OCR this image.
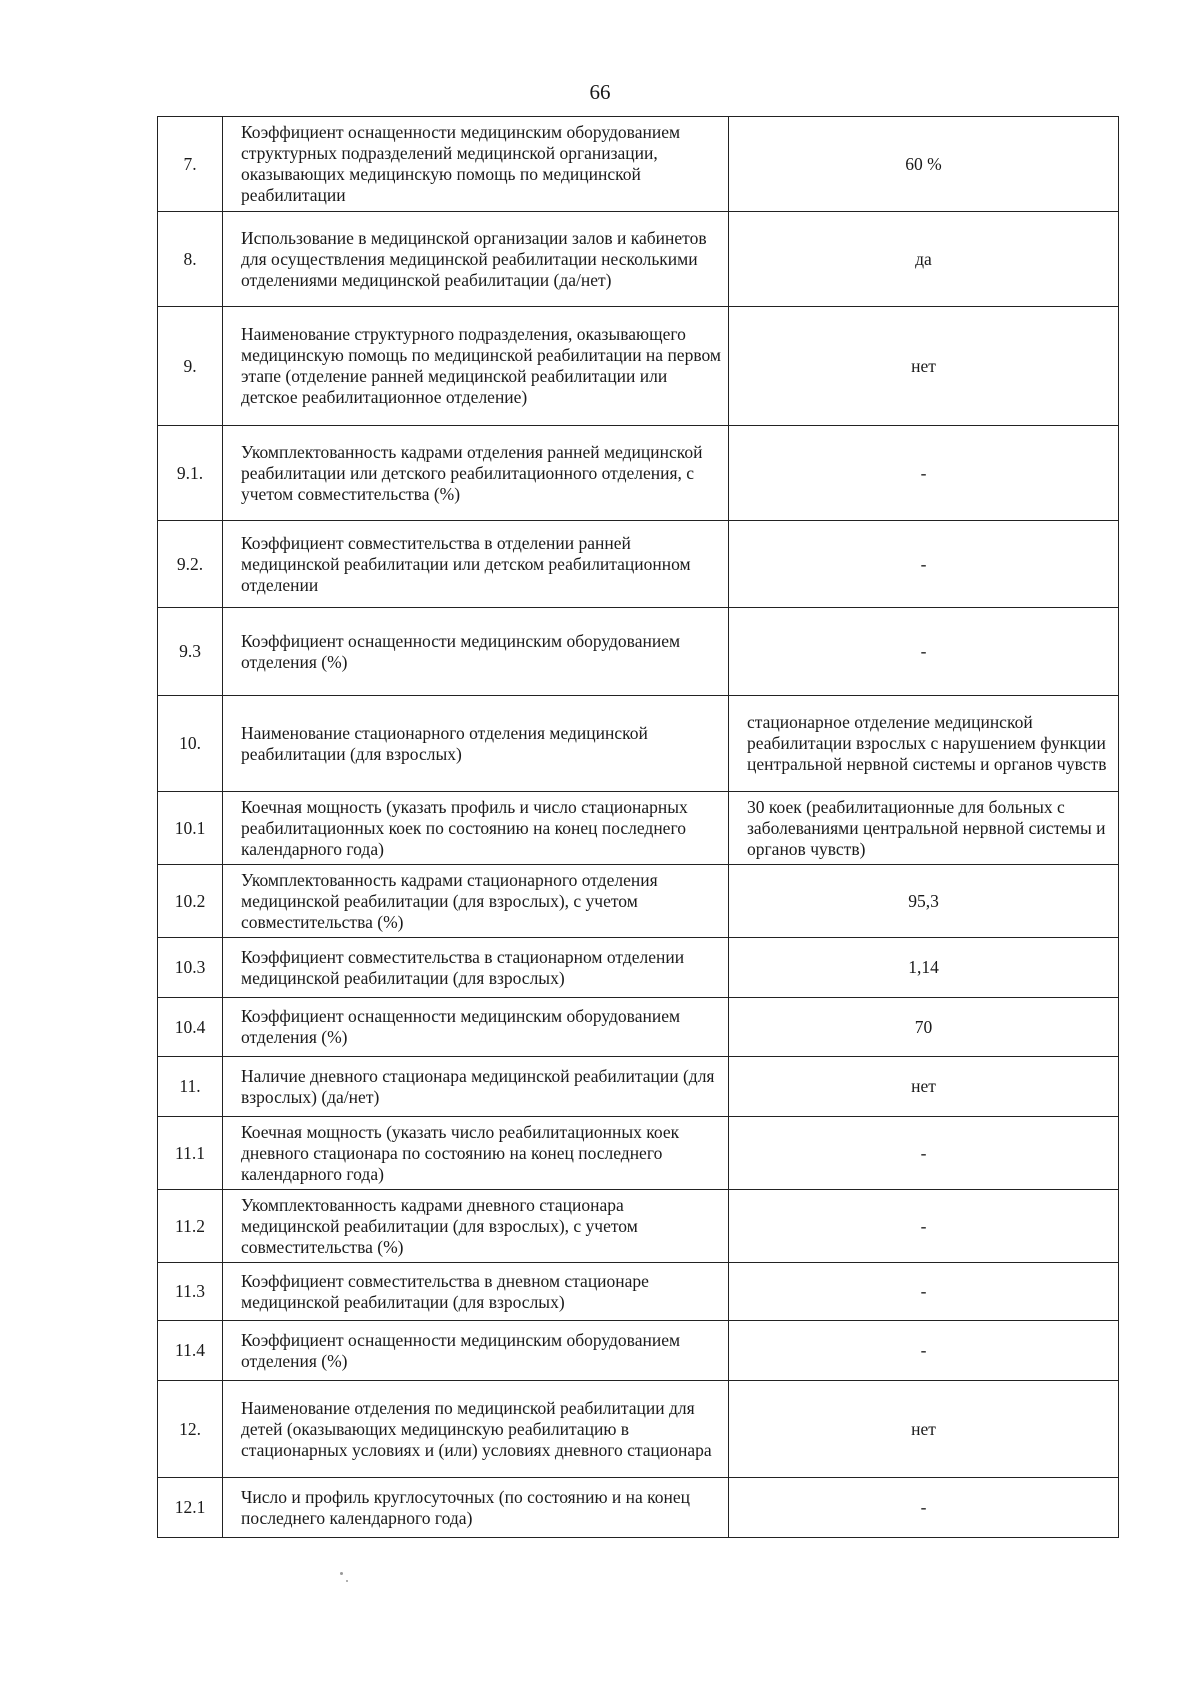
66
7.	Коэффициент оснащенности медицинским оборудованием структурных подразделений медицинской организации, оказывающих медицинскую помощь по медицинской реабилитации	60 %
8.	Использование в медицинской организации залов и кабинетов для осуществления медицинской реабилитации несколькими отделениями медицинской реабилитации (да/нет)	да
9.	Наименование структурного подразделения, оказывающего медицинскую помощь по медицинской реабилитации на первом этапе (отделение ранней медицинской реабилитации или детское реабилитационное отделение)	нет
9.1.	Укомплектованность кадрами отделения ранней медицинской реабилитации или детского реабилитационного отделения, с учетом совместительства (%)	-
9.2.	Коэффициент совместительства в отделении ранней медицинской реабилитации или детском реабилитационном отделении	-
9.3	Коэффициент оснащенности медицинским оборудованием отделения (%)	-
10.	Наименование стационарного отделения медицинской реабилитации (для взрослых)	стационарное отделение медицинской реабилитации взрослых с нарушением функции центральной нервной системы и органов чувств
10.1	Коечная мощность (указать профиль и число стационарных реабилитационных коек по состоянию на конец последнего календарного года)	30 коек (реабилитационные для больных с заболеваниями центральной нервной системы и органов чувств)
10.2	Укомплектованность кадрами стационарного отделения медицинской реабилитации (для взрослых), с учетом совместительства (%)	95,3
10.3	Коэффициент совместительства в стационарном отделении медицинской реабилитации (для взрослых)	1,14
10.4	Коэффициент оснащенности медицинским оборудованием отделения (%)	70
11.	Наличие дневного стационара медицинской реабилитации (для взрослых) (да/нет)	нет
11.1	Коечная мощность (указать число реабилитационных коек дневного стационара по состоянию на конец последнего календарного года)	-
11.2	Укомплектованность кадрами дневного стационара медицинской реабилитации (для взрослых), с учетом совместительства (%)	-
11.3	Коэффициент совместительства в дневном стационаре медицинской реабилитации (для взрослых)	-
11.4	Коэффициент оснащенности медицинским оборудованием отделения (%)	-
12.	Наименование отделения по медицинской реабилитации для детей (оказывающих медицинскую реабилитацию в стационарных условиях и (или) условиях дневного стационара	нет
12.1	Число и профиль круглосуточных (по состоянию и на конец последнего календарного года)	-
